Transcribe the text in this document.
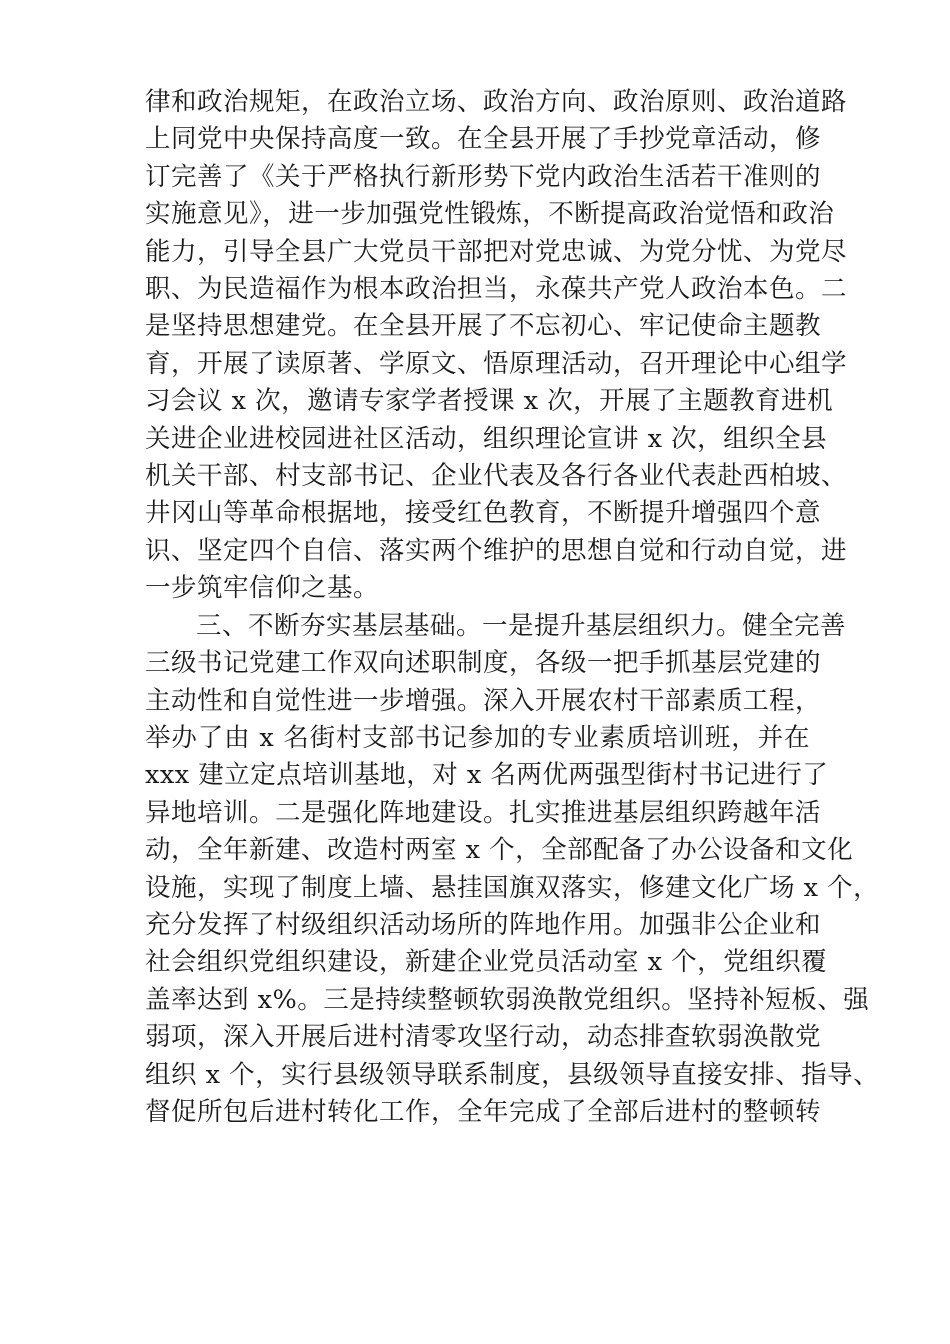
律和政治规矩，在政治立场、政治方向、政治原则、政治道路
上同党中央保持高度一致。在全县开展了手抄党章活动，修
订完善了《关于严格执行新形势下党内政治生活若干准则的
实施意见》，进一步加强党性锻炼，不断提高政治觉悟和政治
能力，引导全县广大党员干部把对党忠诚、为党分忧、为党尽
职、为民造福作为根本政治担当，永葆共产党人政治本色。二
是坚持思想建党。在全县开展了不忘初心、牢记使命主题教
育，开展了读原著、学原文、悟原理活动，召开理论中心组学
习会议 x 次，邀请专家学者授课 x 次，开展了主题教育进机
关进企业进校园进社区活动，组织理论宣讲 x 次，组织全县
机关干部、村支部书记、企业代表及各行各业代表赴西柏坡、
井冈山等革命根据地，接受红色教育，不断提升增强四个意
识、坚定四个自信、落实两个维护的思想自觉和行动自觉，进
一步筑牢信仰之基。
三、不断夯实基层基础。一是提升基层组织力。健全完善
三级书记党建工作双向述职制度，各级一把手抓基层党建的
主动性和自觉性进一步增强。深入开展农村干部素质工程，
举办了由 x 名街村支部书记参加的专业素质培训班，并在
xxx 建立定点培训基地，对 x 名两优两强型街村书记进行了
异地培训。二是强化阵地建设。扎实推进基层组织跨越年活
动，全年新建、改造村两室 x 个，全部配备了办公设备和文化
设施，实现了制度上墙、悬挂国旗双落实，修建文化广场 x 个，
充分发挥了村级组织活动场所的阵地作用。加强非公企业和
社会组织党组织建设，新建企业党员活动室 x 个，党组织覆
盖率达到 x%。三是持续整顿软弱涣散党组织。坚持补短板、强
弱项，深入开展后进村清零攻坚行动，动态排查软弱涣散党
组织 x 个，实行县级领导联系制度，县级领导直接安排、指导、
督促所包后进村转化工作，全年完成了全部后进村的整顿转
